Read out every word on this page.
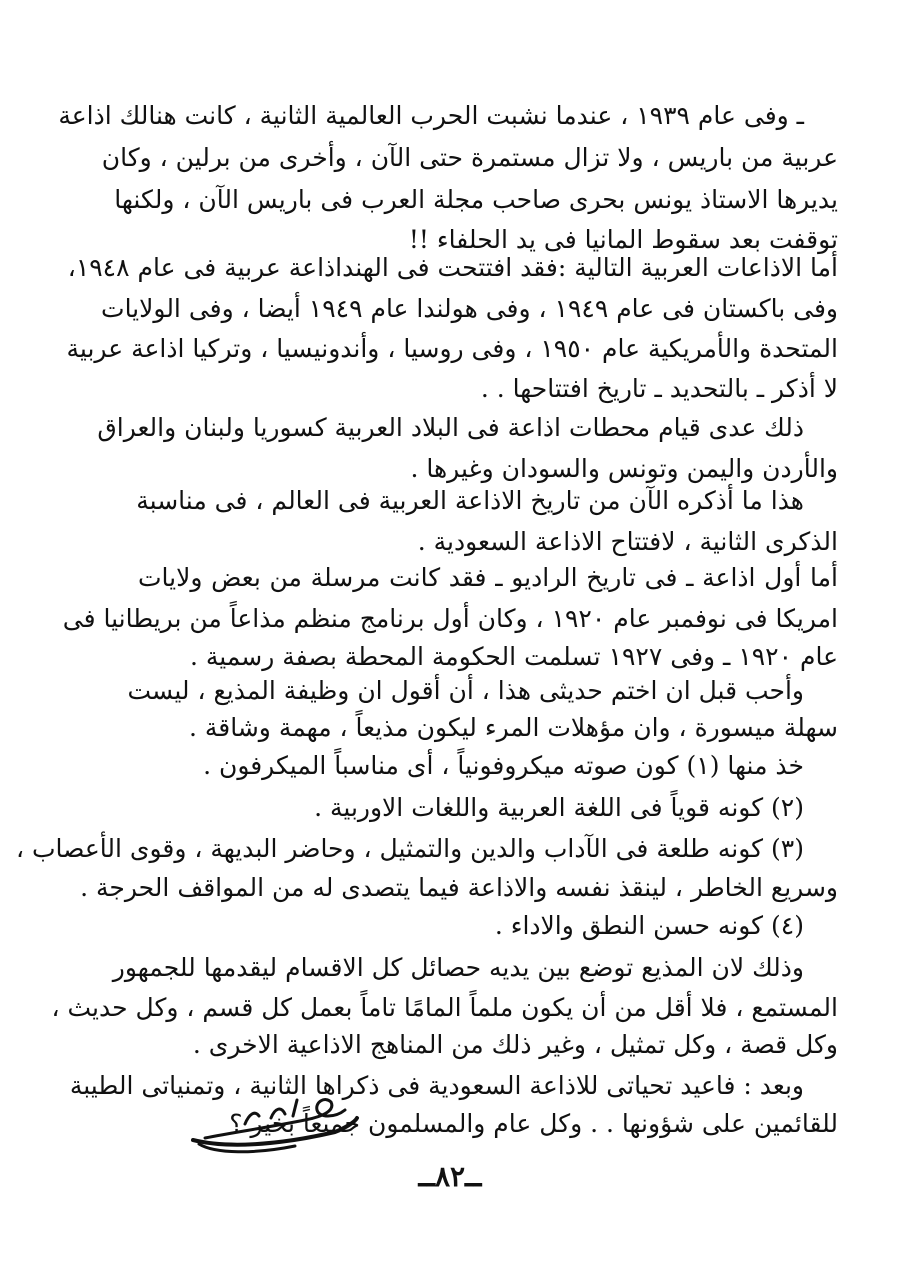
ـ وفى عام ١٩٣٩ ، عندما نشبت الحرب العالمية الثانية ، كانت هنالك اذاعة
عربية من باريس ، ولا تزال مستمرة حتى الآن ، وأخرى من برلين ، وكان
يديرها الاستاذ يونس بحرى صاحب مجلة العرب فى باريس الآن ، ولكنها
توقفت بعد سقوط المانيا فى يد الحلفاء !!
أما الاذاعات العربية التالية :فقد افتتحت فى الهنداذاعة عربية فى عام ١٩٤٨،
وفى باكستان فى عام ١٩٤٩ ، وفى هولندا عام ١٩٤٩ أيضا ، وفى الولايات
المتحدة والأمريكية عام ١٩٥٠ ، وفى روسيا ، وأندونيسيا ، وتركيا اذاعة عربية
لا أذكر ـ بالتحديد ـ تاريخ افتتاحها . .
ذلك عدى قيام محطات اذاعة فى البلاد العربية كسوريا ولبنان والعراق
والأردن واليمن وتونس والسودان وغيرها .
هذا ما أذكره الآن من تاريخ الاذاعة العربية فى العالم ، فى مناسبة
الذكرى الثانية ، لافتتاح الاذاعة السعودية .
أما أول اذاعة ـ فى تاريخ الراديو ـ فقد كانت مرسلة من بعض ولايات
امريكا فى نوفمبر عام ١٩٢٠ ، وكان أول برنامج منظم مذاعاً من بريطانيا فى
عام ١٩٢٠ ـ وفى ١٩٢٧ تسلمت الحكومة المحطة بصفة رسمية .
وأحب قبل ان اختم حديثى هذا ، أن أقول ان وظيفة المذيع ، ليست
سهلة ميسورة ، وان مؤهلات المرء ليكون مذيعاً ، مهمة وشاقة .
خذ منها (١) كون صوته ميكروفونياً ، أى مناسباً الميكرفون .
(٢) كونه قوياً فى اللغة العربية واللغات الاوربية .
(٣) كونه طلعة فى الآداب والدين والتمثيل ، وحاضر البديهة ، وقوى الأعصاب ،
وسريع الخاطر ، لينقذ نفسه والاذاعة فيما يتصدى له من المواقف الحرجة .
(٤) كونه حسن النطق والاداء .
وذلك لان المذيع توضع بين يديه حصائل كل الاقسام ليقدمها للجمهور
المستمع ، فلا أقل من أن يكون ملماً المامًا تاماً بعمل كل قسم ، وكل حديث ،
وكل قصة ، وكل تمثيل ، وغير ذلك من المناهج الاذاعية الاخرى .
وبعد : فاعيد تحياتى للاذاعة السعودية فى ذكراها الثانية ، وتمنياتى الطيبة
للقائمين على شؤونها . . وكل عام والمسلمون جميعاً بخير ؟
ــ٨٢ــ
